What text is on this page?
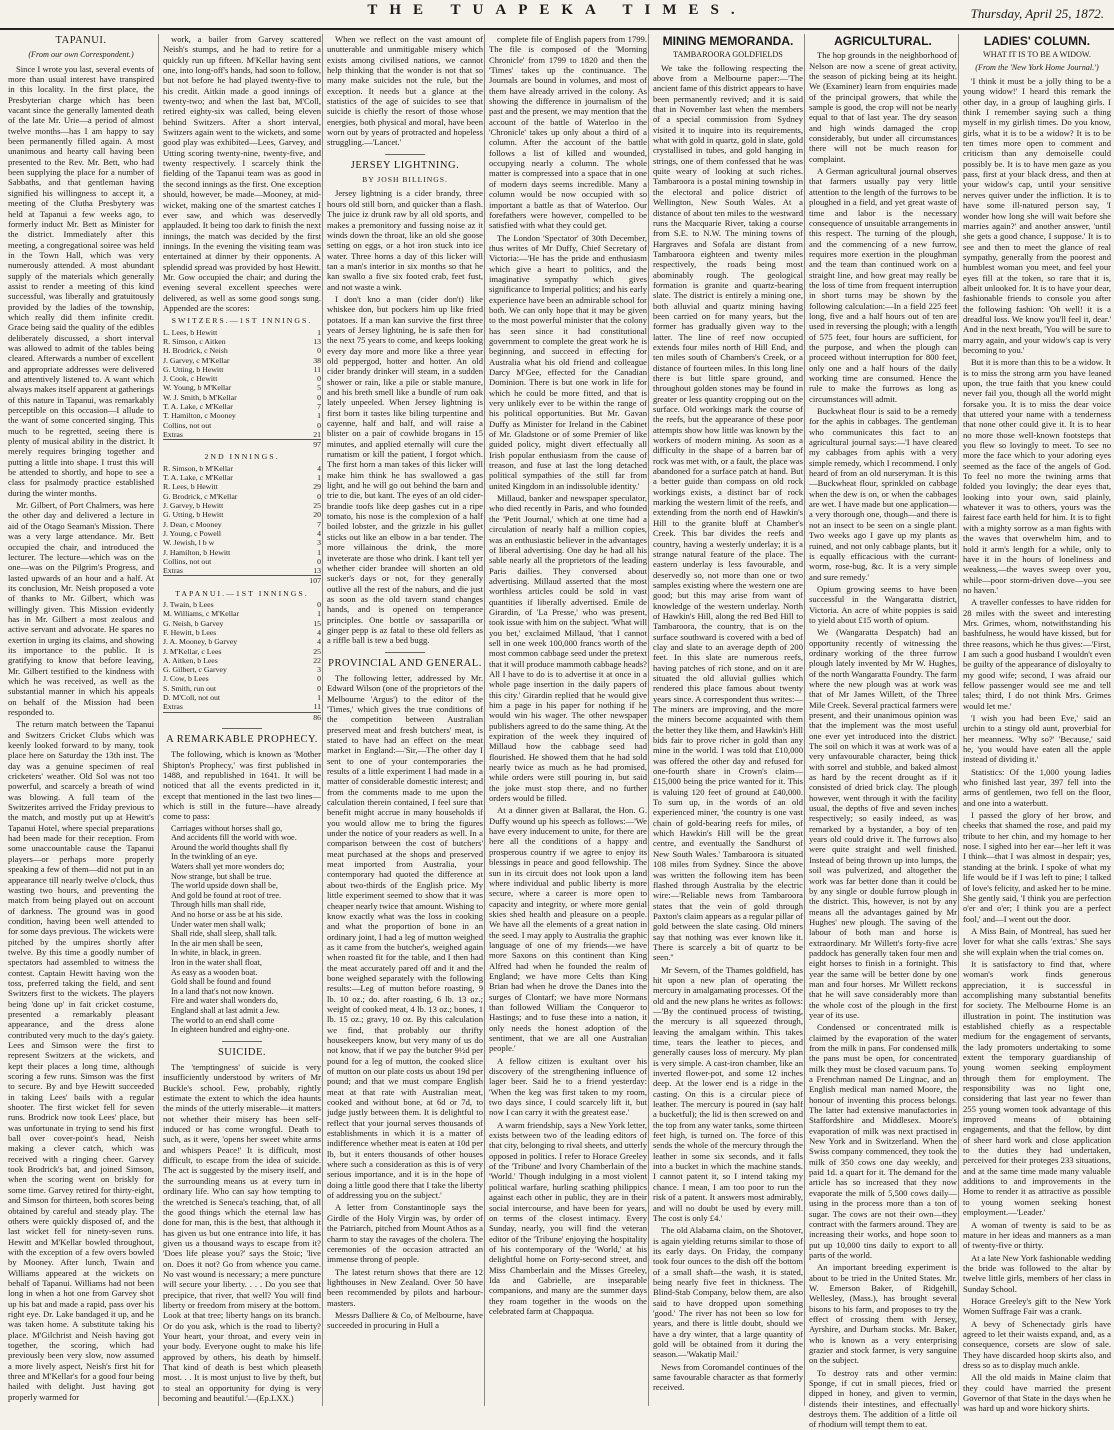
THE TUAPEKA TIMES.	Thursday, April 25, 1872.
TAPANUI.
(From our own Correspondent.)

Since I wrote you last, several events of more than usual interest have transpired in this locality. In the first place, the Presbyterian charge which has been vacant since the generally lamented death of the late Mr. Urie—a period of almost twelve months—has I am happy to say been permanently filled again. A most unanimous and hearty call having been presented to the Rev. Mr. Bett, who had been supplying the place for a number of Sabbaths, and that gentleman having signified his willingness to accept it, a meeting of the Clutha Presbytery was held at Tapanui a few weeks ago, to formerly induct Mr. Bett as Minister for the district. Immediately after this meeting, a congregational soiree was held in the Town Hall, which was very numerously attended. A most abundant supply of the materials which generally assist to render a meeting of this kind successful, was liberally and gratuitously provided by the ladies of the township, which really did them infinite credit. Grace being said the quality of the edibles deliberately discussed, a short interval was allowed to admit of the tables being cleared. Afterwards a number of excellent and appropriate addresses were delivered and attentively listened to. A want which always makes itself apparent at gatherings of this nature in Tapanui, was remarkably perceptible on this occasion—I allude to the want of some concerted singing. This much to be regretted, seeing there is plenty of musical ability in the district. It merely requires bringing together and putting a little into shape. I trust this will be attended to shortly, and hope to see a class for psalmody practice established during the winter months.

Mr. Gilbert, of Port Chalmers, was here the other day and delivered a lecture in aid of the Otago Seaman's Mission. There was a very large attendance. Mr. Bett occupied the chair, and introduced the lecturer. The lecture—which was on the one—was on the Pilgrim's Progress, and lasted upwards of an hour and a half. At its conclusion, Mr. Neish proposed a vote of thanks to Mr. Gilbert, which was willingly given. This Mission evidently has in Mr. Gilbert a most zealous and active servant and advocate. He spares no exertion in urging its claims, and showing its importance to the public. It is gratifying to know that before leaving, Mr. Gilbert testified to the kindness with which he was received, as well as the substantial manner in which his appeals on behalf of the Mission had been responded to.

The return match between the Tapanui and Switzers Cricket Clubs which was keenly looked forward to by many, took place here on Saturday the 13th inst. The day was a genuine specimen of real cricketers' weather. Old Sol was not too powerful, and scarcely a breath of wind was blowing. A full team of the Switzerites arrived the Friday previous to the match, and mostly put up at Hewitt's Tapanui Hotel, where special preparations had been made for their reception. From some unaccountable cause the Tapanui players—or perhaps more properly speaking a few of them—did not put in an appearance till nearly twelve o'clock, thus wasting two hours, and preventing the match from being played out on account of darkness. The ground was in good condition, having been well attended to for some days previous. The wickets were pitched by the umpires shortly after twelve. By this time a goodly number of spectators had assembled to witness the contest. Captain Hewitt having won the toss, preferred taking the field, and sent Switzers first to the wickets. The players being 'done up' in fait cricket costume, presented a remarkably pleasant appearance, and the dress alone contributed very much to the day's gaiety. Lees and Simson were the first to represent Switzers at the wickets, and kept their places a long time, although scoring a few runs. Simson was the first to secure. By and bye Hewitt succeeded in taking Lees' bails with a regular shooter. The first wicket fell for seven runs. Brodrick now took Lees' place, but was unfortunate in trying to send his first ball over cover-point's head, Neish making a clever catch, which was received with a ringing cheer. Garvey took Brodrick's bat, and joined Simson, when the scoring went on briskly for some time. Garvey retired for thirty-eight, and Simson for thirteen, both scores being obtained by careful and steady play. The others were quickly disposed of, and the last wicket fell for ninety-seven runs. Hewitt and M'Kellar bowled throughout, with the exception of a few overs bowled by Mooney. After lunch, Twain and Williams appeared at the wickets on behalf of Tapanui. Williams had not been long in when a hot one from Garvey shot up his bat and made a rapid, pass over his right eye. Dr. Lake bandaged it up, and he was taken home. A substitute taking his place. M'Gilchrist and Neish having got together, the scoring, which had previously been very slow, now assumed a more lively aspect, Neish's first hit for three and M'Kellar's for a good four being hailed with delight. Just having got properly warmed for

work, a bailer from Garvey scattered Neish's stumps, and he had to retire for a quickly run up fifteen. M'Kellar having sent one, into long-off's hands, had soon to follow, but not before he had played twenty-five to his credit. Aitkin made a good innings of twenty-two; and when the last bat, M'Coll, retired eighty-six was called, being eleven behind Switzers. After a short interval, Switzers again went to the wickets, and some good play was exhibited—Lees, Garvey, and Utting scoring twenty-nine, twenty-five, and twenty respectively. I scarcely think the fielding of the Tapanui team was as good in the second innings as the first. One exception should, however, be made—Mooney, at mid-wicket, making one of the smartest catches I ever saw, and which was deservedly applauded. It being too dark to finish the next innings, the match was decided by the first innings. In the evening the visiting team was entertained at dinner by their opponents. A splendid spread was provided by host Hewitt. Mr. Gow occupied the chair; and during the evening several excellent speeches were delivered, as well as some good songs sung. Appended are the scores:

SWITZERS.—1ST INNINGS.
L. Lees, b Hewitt	1
R. Simson, c Aitken	13
H. Brodrick, c Neish	0
J. Garvey, c M'Kellar	38
G. Utting, b Hewitt	11
J. Cook, c Hewitt	0
W. Young, b M'Kellar	5
W. J. Smith, b M'Kellar	0
T. A. Lake, c M'Kellar	7
T. Hamilton, c Mooney	1
Collins, not out	0
Extras	21
	97
2ND INNINGS.
R. Simson, b M'Kellar	4
T. A. Lake, c M'Kellar	1
R. Lees, b Hewitt	29
G. Brodrick, c M'Kellar	0
J. Garvey, b Hewitt	25
G. Utting, b Hewitt	20
J. Dean, c Mooney	7
J. Young, c Powell	4
W. Jewish, l b w	3
J. Hamilton, b Hewitt	1
Collins, not out	0
Extras	13
	107
TAPANUI.—1ST INNINGS.
J. Twain, b Lees	0
M. Williams, c M'Kellar	1
G. Neish, b Garvey	15
F. Hewitt, b Lees	4
J. A. Mooney, b Garvey	4
J. M'Kellar, c Lees	25
A. Aitken, b Lees	22
G. Gilbert, c Garvey	3
J. Cow, b Lees	0
S. Smith, run out	0
D. M'Coll, not out	1
Extras	11
	86
A REMARKABLE PROPHECY.

The following, which is known as 'Mother Shipton's Prophecy,' was first published in 1488, and republished in 1641. It will be noticed that all the events predicted in it, except that mentioned in the last two lines—which is still in the future—have already come to pass:

Carriages without horses shall go,
And accidents fill the world with woe.
Around the world thoughts shall fly
In the twinkling of an eye.
Waters shall yet more wonders do;
Now strange, but shall be true.
The world upside down shall be,
And gold be found at root of tree.
Through hills man shall ride,
And no horse or ass be at his side.
Under water men shall walk;
Shall ride, shall sleep, shall talk.
In the air men shall be seen,
In white, in black, in green.
Iron in the water shall float,
As easy as a wooden boat.
Gold shall be found and found
In a land that's not now known.
Fire and water shall wonders do,
England shall at last admit a Jew.
The world to an end shall come
In eighteen hundred and eighty-one.
SUICIDE.

The 'temptingness' of suicide is very insufficiently understood by writers of Mr Buckle's school. Few, probably, rightly estimate the extent to which the idea haunts the minds of the utterly miserable—it matters not whether their misery has been self-induced or has come wrongful. Death to such, as it were, 'opens her sweet white arms and whispers Peace!' It is difficult, most difficult, to escape from the idea of suicide. The act is suggested by the misery itself, and the surrounding means us at every turn in ordinary life. Who can say how tempting to the wretched is Seneca's teaching, that, of all the good things which the eternal law has done for man, this is the best, that although it has given us but one entrance into life, it has given us a thousand ways to escape from it? 'Does life please you?' says the Stoic; 'live on. Does it not? Go from whence you came. No vast wound is necessary; a mere puncture will secure your liberty. . . . Do you see that precipice, that river, that well? You will find liberty or freedom from misery at the bottom. Look at that tree; liberty hangs on its branch. Or do you ask, which is the road to liberty? Your heart, your throat, and every vein in your body. Everyone ought to make his life approved by others, his death by himself. That kind of death is best which pleaseth most. . . It is most unjust to live by theft, but to steal an opportunity for dying is very becoming and beautiful.'—(Ep.LXX.)

When we reflect on the vast amount of unutterable and unmitigable misery which exists among civilised nations, we cannot help thinking that the wonder is not that so many make suicides not the rule, but the exception. It needs but a glance at the statistics of the age of suicides to see that suicide is chiefly the resort of those whose energies, both physical and moral, have been worn out by years of protracted and hopeless struggling.—'Lancet.'

JERSEY LIGHTNING.
BY JOSH BILLINGS.

Jersey lightning is a cider brandy, three hours old still born, and quicker than a flash. The juice iz drunk raw by all old sports, and makes a premonitory and fussing noise az it winds down the throat, like an old she goose setting on eggs, or a hot iron stuck into ice water. Three horns a day of this licker will tan a man's interior in six months so that he kan swallo a five six footed crab, feet fust, and not waste a wink.

I don't kno a man (cider don't) like whiskee don, but pockers him up like fried potatoes. If a man kan survive the first three years of Jersey lightning, he is safe then for the next 75 years to come, and keeps looking every day more and more like a three year old peppergod, hotter and hotter. An old cider brandy drinker will steam, in a sudden shower or rain, like a pile or stable manure, and his breth smell like a bundle of rum oak lately unpeeled. When Jersey lightning is first born it tastes like biling turpentine and cayenne, half and half, and will raise a blister on a pair of cowhide brogans in 15 minutes, and applied eternally will cure the rumatism or kill the patient, I forgot which. The first horn a man takes of this licker will make him think he has swallowed a gas light, and he will go out behind the barn and trie to die, but kant. The eyes of an old cider-brandie toofs like deep gashes cut in a ripe tomato, his nose is the complexion of a half boiled lobster, and the grizzle in his gullet sticks out like an elbow in a bar tender. The more villainous the drink, the more inveterate are those who drink. I kant tell yer whether cider brandee will shorten an old sucker's days or not, for they generally outlive all the rest of the naburs, and die just as soon as the old tavern stand changes hands, and is opened on temperance principles. One bottle ov sassaparilla or ginger pepp is az fatal to these old fellers as a riffle ball is tew a bed bugg.

PROVINCIAL AND GENERAL.

The following letter, addressed by Mr. Edward Wilson (one of the proprietors of the Melbourne 'Argus') to the editor of the 'Times,' which gives the true conditions of the competition between Australian preserved meat and fresh butchers' meat, is stated to have had an effect on the meat market in England:—'Sir,—The other day I sent to one of your contemporaries the results of a little experiment I had made in a matter of considerable domestic interest; and from the comments made to me upon the calculation therein contained, I feel sure that benefit might accrue in many households if you would allow me to bring the figures under the notice of your readers as well. In a comparison between the cost of butchers' meat purchased at the shops and preserved meat imported from Australia, your contemporary had quoted the difference at about two-thirds of the English price. My little experiment seemed to show that it was cheaper nearly twice that amount. Wishing to know exactly what was the loss in cooking and what the proportion of bone in an ordinary joint, I had a leg of mutton weighed as it came from the butcher's, weighed again when roasted fit for the table, and I then had the meat accurately pared off and it and the bone weighed separately with the following results:—Leg of mutton before roasting, 9 lb. 10 oz.; do. after roasting, 6 lb. 13 oz.; weight of cooked meat, 4 lb. 13 oz.; bones, 1 lb. 15 oz.; gravy, 10 oz. By this calculation we find, that probably our thrifty housekeepers know, but very many of us do not know, that if we pay the butcher 9½d per pound for a leg of mutton, the cooked slice of mutton on our plate costs us about 19d per pound; and that we must compare English meat at that rate with Australian meat, cooked and without bone, at 6d or 7d, to judge justly between them. It is delightful to reflect that your journal serves thousands of establishments in which it is a matter of indifference whether meat is eaten at 10d per lb, but it enters thousands of other houses where such a consideration as this is of very serious importance, and it is in the hope of doing a little good there that I take the liberty of addressing you on the subject.'

A letter from Constantinople says the Girdle of the Holy Virgin was, by order of the Patriarch, pitched from Mount Athos as a charm to stay the ravages of the cholera. The ceremonies of the occasion attracted an immense throng of people.

The latest return shows that there are 12 lighthouses in New Zealand. Over 50 have been recommended by pilots and harbour-masters.

Messrs Dalliere & Co, of Melbourne, have succeeded in procuring in Hull a

complete file of English papers from 1799. The file is composed of the 'Morning Chronicle' from 1799 to 1820 and then the 'Times' takes up the continuance. The Journals are bound in volumes, and most of them have already arrived in the colony. As showing the difference in journalism of the past and the present, we may mention that the account of the battle of Waterloo in the 'Chronicle' takes up only about a third of a column. After the account of the battle follows a list of killed and wounded, occupying nearly a column. The whole matter is compressed into a space that in one of modern days seems incredible. Many a column would be now occupied with so important a battle as that of Waterloo. Our forefathers were however, compelled to be satisfied with what they could get.

The London 'Spectator' of 30th December, thus writes of Mr Duffy, Chief Secretary of Victoria:—'He has the pride and enthusiasm which give a heart to politics, and the imaginative sympathy which gives significance to Imperial politics; and his early experience have been an admirable school for both. We can only hope that it may be given to the most powerful minister that the colony has seen since it had constitutional government to complete the great work he is beginning, and succeed in effecting for Australia what his old friend and colleague Darcy M'Gee, effected for the Canadian Dominion. There is but one work in life for which he could be more fitted, and that is very unlikely ever to be within the range of his political opportunities. But Mr. Gavan Duffy as Minister for Ireland in the Cabinet of Mr. Gladstone or of some Premier of like guided policy, might divert effectually all Irish popular enthusiasm from the cause of treason, and fuse at last the long detached political sympathies of the still far from united Kingdom in an indissoluble identity.'

Millaud, banker and newspaper speculator, who died recently in Paris, and who founded the 'Petit Journal,' which at one time had a circulation of nearly half a million copies, was an enthusiastic believer in the advantages of liberal advertising. One day he had all his sable nearly all the proprietors of the leading Paris dailies. They conversed about advertising. Millaud asserted that the most worthless articles could be sold in vast quantities if liberally advertised. Emile de Girardin, of 'La Presse,' who was present, took issue with him on the subject. 'What will you bet,' exclaimed Millaud, 'that I cannot sell in one week 100,000 francs worth of the most common cabbage seed under the pretext that it will produce mammoth cabbage heads? All I have to do is to advertise it at once in a whole page insertion in the daily papers of this city.' Girardin replied that he would give him a page in his paper for nothing if he would win his wager. The other newspaper publishers agreed to do the same thing. At the expiration of the week they inquired of Millaud how the cabbage seed had flourished. He showed them that he had sold nearly twice as much as he had promised, while orders were still pouring in, but said the joke must stop there, and no further orders would be filled.

At a dinner given at Ballarat, the Hon. G. Duffy wound up his speech as follows:—'We have every inducement to unite, for there are here all the conditions of a happy and prosperous country if we agree to enjoy its blessings in peace and good fellowship. The sun in its circuit does not look upon a land where individual and public liberty is more secure, where a career is more open to capacity and integrity, or where more genial skies shed health and pleasure on a people. We have all the elements of a great nation in the seed. I may apply to Australia the graphic language of one of my friends—we have more Saxons on this continent than King Alfred had when he founded the realm of England; we have more Celts than King Brian had when he drove the Danes into the surges of Clontarf; we have more Normans than followed William the Conqueror to Hastings; and to fuse these into a nation, it only needs the honest adoption of the sentiment, that we are all one Australian people.'

A fellow citizen is exultant over his discovery of the strengthening influence of lager beer. Said he to a friend yesterday: 'When the keg was first taken to my room, two days since, I could scarcely lift it, but now I can carry it with the greatest ease.'

A warm friendship, says a New York letter, exists between two of the leading editors of that city, belonging to rival sheets, and utterly opposed in politics. I refer to Horace Greeley of the 'Tribune' and Ivory Chamberlain of the 'World.' Though indulging in a most violent political warfare, hurling scathing philippics against each other in public, they are in their social intercourse, and have been for years, on terms of the closest intimacy. Every Sunday, nearly, you will find the veteran editor of the 'Tribune' enjoying the hospitality of his contemporary of the 'World,' at his delightful home on Forty-second street, and Miss Chamberlain and the Misses Greeley, Ida and Gabrielle, are inseparable companions, and many are the summer days they roam together in the woods on the celebrated farm at Chappaqua.

MINING MEMORANDA.
TAMBAROORA GOLDFIELDS

We take the following respecting the above from a Melbourne paper:—'The ancient fame of this district appears to have been permanently revived; and it is said that in November last when the members of a special commission from Sydney visited it to inquire into its requirements, what with gold in quartz, gold in slate, gold crystallised in tubes, and gold hanging in strings, one of them confessed that he was quite weary of looking at such riches. Tambaroora is a postal mining township in the electoral and police district of Wellington, New South Wales. At a distance of about ten miles to the westward runs the Macquarie River, taking a course from S.E. to N.W. The mining towns of Hargraves and Sofala are distant from Tambaroora eighteen and twenty miles respectively, the roads being most abominably rough. The geological formation is granite and quartz-bearing slate. The district is entirely a mining one, both alluvial and quartz mining having been carried on for many years, but the former has gradually given way to the latter. The line of reef now occupied extends four miles north of Hill End, and ten miles south of Chambers's Creek, or a distance of fourteen miles. In this long line there is but little spare ground, and throughout golden stones may be found in greater or less quantity cropping out on the surface. Old workings mark the course of the reefs, but the appearance of these poor attempts show how little was known by the workers of modern mining. As soon as a difficulty in the shape of a barren bar of rock was met with, or a fault, the place was abandoned for a surface patch at hand. But a better guide than compass on old rock workings exists, a distinct bar of rock marking the western limit of the reefs, and extending from the north end of Hawkin's Hill to the granite bluff at Chamber's Creek. This bar divides the reefs and country, having a westerly underlay; it is a strange natural feature of the place. The eastern underlay is less favourable, and deservedly so, not more than one or two samples existing where the western one are good; but this may arise from want of knowledge of the western underlay. North of Hawkin's Hill, along the red Bed Hill to Tambaroora, the country, that is on the surface southward is covered with a bed of clay and slate to an average depth of 200 feet. In this slate are numerous reefs, having patches of rich stone, and on it are situated the old alluvial gullies which rendered this place famous about twenty years since. A correspondent thus writes:—The miners are improving, and the more the miners become acquainted with them the better they like them, and Hawkin's Hill bids fair to prove richer in gold than any mine in the world. I was told that £10,000 was offered the other day and refused for one-fourth share in Crown's claim—£15,000 being the price wanted for it. This is valuing 120 feet of ground at £40,000. To sum up, in the words of an old experienced miner, 'the country is one vast chain of gold-bearing reefs for miles, of which Hawkin's Hill will be the great centre, and eventually the Sandhurst of New South Wales.' Tambaroora is situated 108 miles from Sydney. Since the above was written the following item has been flashed through Australia by the electric wire:—'Reliable news from Tambaroora states that the vein of gold through Paxton's claim appears as a regular pillar of gold between the slate casing. Old miners say that nothing was ever known like it. There is scarcely a bit of quartz to be seen.''

Mr Severn, of the Thames goldfield, has hit upon a new plan of operating the mercury in amalgamating processes. Of the old and the new plans he writes as follows:—'By the continued process of twisting, the mercury is all squeezed through, leaving the amalgam within. This takes time, tears the leather to pieces, and generally causes loss of mercury. My plan is very simple. A cast-iron chamber, like an inverted flower-pot, and some 12 inches deep. At the lower end is a ridge in the casting. On this is a circular piece of leather. The mercury is poured in (say half a bucketful); the lid is then screwed on and the top from any water tanks, some thirteen feet high, is turned on. The force of this sends the whole of the mercury through the leather in some six seconds, and it falls into a bucket in which the machine stands. I cannot patent it, so I intend taking my chance. I mean, I am too poor to run the risk of a patent. It answers most admirably, and will no doubt be used by every mill. The cost is only £4.'

The old Alabama claim, on the Shotover, is again yielding returns similar to those of its early days. On Friday, the company took four ounces to the dish off the bottom of a small shaft—the wash, it is stated, being nearly five feet in thickness. The Blind-Stab Company, below them, are also said to have dropped upon something 'good.' The river has not been so low for years, and there is little doubt, should we have a dry winter, that a large quantity of gold will be obtained from it during the season.—'Wakatip Mail.'

News from Coromandel continues of the same favourable character as that formerly received.

AGRICULTURAL.

The hop grounds in the neighborhood of Nelson are now a scene of great activity, the season of picking being at its height. We (Examiner) learn from enquiries made of the principal growers, that while the sample is good, the crop will not be nearly equal to that of last year. The dry season and high winds damaged the crop considerably, but under all circumstances there will not be much reason for complaint.

A German agricultural journal observes that farmers usually pay very little attention to the length of the furrows to be ploughed in a field, and yet great waste of time and labor is the necessary consequence of unsuitable arrangements in this respect. The turning of the plough, and the commencing of a new furrow, requires more exertion in the ploughman and the team than continued work on a straight line, and how great may really be the loss of time from frequent interruption in short turns may be shown by the following calculation:—In a field 225 feet long, five and a half hours out of ten are used in reversing the plough; with a length of 575 feet, four hours are sufficient, for the purpose, and when the plough can proceed without interruption for 800 feet, only one and a half hours of the daily working time are consumed. Hence the rule to make the furrows as long as circumstances will admit.

Buckwheat flour is said to be a remedy for the aphis in cabbages. The gentleman who communicates this fact to an agricultural journal says:—'I have cleared my cabbages from aphis with a very simple remedy, which I recommend. I only heard of from an old nurseryman. It is this—Buckwheat flour, sprinkled on cabbage when the dew is on, or when the cabbages are wet. I have made but one application—a very thorough one, though—and there is not an insect to be seen on a single plant. Two weeks ago I gave up my plants as ruined, and not only cabbage plants, but it is equally efficacious with the currant-worm, rose-bug, &c. It is a very simple and sure remedy.'

Opium growing seems to have been successful in the Wangaratta district, Victoria. An acre of white poppies is said to yield about £15 worth of opium.

We (Wangaratta Despatch) had an opportunity recently of witnessing the ordinary working of the three furrow plough lately invented by Mr W. Hughes, of the north Wangaratta Foundry. The farm where the new plough was at work was that of Mr James Willett, of the Three Mile Creek. Several practical farmers were present, and their unanimous opinion was that the implement was the most useful one ever yet introduced into the district. The soil on which it was at work was of a very unfavourable character, being thick with sorrel and stubble, and baked almost as hard by the recent drought as if it consisted of dried brick clay. The plough however, went through it with the facility usual, the depths of five and seven inches respectively; so easily indeed, as was remarked by a bystander, a boy of ten years old could drive it. The furrows also were quite straight and well finished. Instead of being thrown up into lumps, the soil was pulverized, and altogether the work was far better done than it could be by any single or double furrow plough in the district. This, however, is not by any means all the advantages gained by Mr Hughes' new plough. The saving of the labour of both man and horse is extraordinary. Mr Willett's forty-five acre paddock has generally taken four men and eight horses to finish in a fortnight. This year the same will be better done by one man and four horses. Mr Willett reckons that he will save considerably more than the whole cost of the plough in the first year of its use.

Condensed or concentrated milk is claimed by the evaporation of the water from the milk in pans. For condensed milk the pans must be open, for concentrated milk they must be closed vacuum pans. To a Frenchman named De Lingnac, and an English medical man named Moore, the honour of inventing this process belongs. The latter had extensive manufactories in Staffordshire and Middlesex. Moore's evaporation of milk was next practised in New York and in Switzerland. When the Swiss company commenced, they took the milk of 350 cows one day weekly, and paid 1d. a quart for it. The demand for the article has so increased that they now evaporate the milk of 5,500 cows daily—using in the process more than a ton of sugar. The cows are not their own—they contract with the farmers around. They are increasing their works, and hope soon to put up 10,000 tins daily to export to all parts of the world.

An important breeding experiment is about to be tried in the United States. Mr. W. Emerson Baker, of Ridgehill, Wellesley, (Mass.), has brought several bisons to his farm, and proposes to try the effect of crossing them with Jersey, Ayrshire, and Durham stocks. Mr. Baker, who is known as a very enterprising grazier and stock farmer, is very sanguine on the subject.

To destroy rats and other vermin: Sponge, if cut in small pieces, fried or dipped in honey, and given to vermin, distends their intestines, and effectually destroys them. The addition of a little oil of rhodium will tempt them to eat.

LADIES' COLUMN.
WHAT IT IS TO BE A WIDOW.
(From the 'New York Home Journal.')

'I think it must be a jolly thing to be a young widow!' I heard this remark the other day, in a group of laughing girls. I think I remember saying such a thing myself in my girlish times. Do you know, girls, what it is to be a widow? It is to be ten times more open to comment and criticism than any demoiselle could possibly be. It is to have men gaze as you pass, first at your black dress, and then at your widow's cap, until your sensitive nerves quiver under the infliction. It is to have some ill-natured person say, 'I wonder how long she will wait before she marries again?' and another answer, 'until she gets a good chance, I suppose.' It is to see and then to meet the glance of real sympathy, generally from the poorest and humblest woman you meet, and feel your eyes fill at the token, so rare that it is, albeit unlooked for. It is to have your dear, fashionable friends to console you after the following fashion: 'Oh well! it is a dreadful loss. We know you'll feel it, dear.' And in the next breath, 'You will be sure to marry again, and your widow's cap is very becoming to you.'

But it is more than this to be a widow. It is to miss the strong arm you have leaned upon, the true faith that you knew could never fail you, though all the world might forsake you. It is to miss the dear voice that uttered your name with a tenderness that none other could give it. It is to hear no more those well-known footsteps that you flew so lovingly to meet. To see no more the face which to your adoring eyes seemed as the face of the angels of God. To feel no more the twining arms that folded you lovingly; the dear eyes that, looking into your own, said plainly, whatever it was to others, yours was the fairest face earth held for him. It is to fight with a mighty sorrow as a man fights with the waves that overwhelm him, and to hold it arm's length for a while, only to have it in the hours of loneliness and weakness,—the waves sweep over you, while—poor storm-driven dove—you see no haven.'

A traveller confesses to have ridden for 28 miles with the sweet and interesting Mrs. Grimes, whom, notwithstanding his bashfulness, he would have kissed, but for three reasons, which he thus gives:—'First, I am such a good husband I wouldn't even be guilty of the appearance of disloyalty to my good wife; second, I was afraid our fellow passenger would see me and tell tales; third, I do not think Mrs. Grimes would let me.'

'I wish you had been Eve,' said an urchin to a stingy old aunt, proverbial for her meanness. 'Why so?' 'Because,' said he, 'you would have eaten all the apple instead of dividing it.'

Statistics: Of the 1,000 young ladies who finished last year, 397 fell into the arms of gentlemen, two fell on the floor, and one into a waterbutt.

I passed the glory of her brow, and cheeks that shamed the rose, and paid my tribute to her chin, and my homage to her nose. I sighed into her ear—her left it was I think—that I was almost in despair; yes, standing at the brink. I spoke of what my life would be if I was left to pine; I talked of love's felicity, and asked her to be mine. She gently said, 'I think you are perfection o'er and o'er; I think you are a perfect fool,' and—I went out the door.

A Miss Bain, of Montreal, has sued her lover for what she calls 'extras.' She says she will explain when the trial comes on.

It is satisfactory to find that, where woman's work finds generous appreciation, it is successful in accomplishing many substantial benefits for society. The Melbourne Home is an illustration in point. The institution was established chiefly as a respectable medium for the engagement of servants, the lady promoters undertaking to some extent the temporary guardianship of young women seeking employment through them for employment. The responsibility was no light one, considering that last year no fewer than 255 young women took advantage of this improved means of obtaining engagements, and that the fellow, by dint of sheer hard work and close application to the duties they had undertaken, perceived for their proteges 233 situations, and at the same time made many valuable additions to and improvements in the Home to render it as attractive as possible to young women seeking honest employment.—'Leader.'

A woman of twenty is said to be as mature in her ideas and manners as a man of twenty-five or thirty.

At a late New York fashionable wedding the bride was followed to the altar by twelve little girls, members of her class in Sunday School.

Horace Greeley's gift to the New York Women Suffrage Fair was a crank.

A bevy of Schenectady girls have agreed to let their waists expand, and, as a consequence, corsets are slow of sale. They have discarded hoop skirts also, and dress so as to display much ankle.

All the old maids in Maine claim that they could have married the present Governor of that State in the days when he was hard up and wore hickory shirts.
